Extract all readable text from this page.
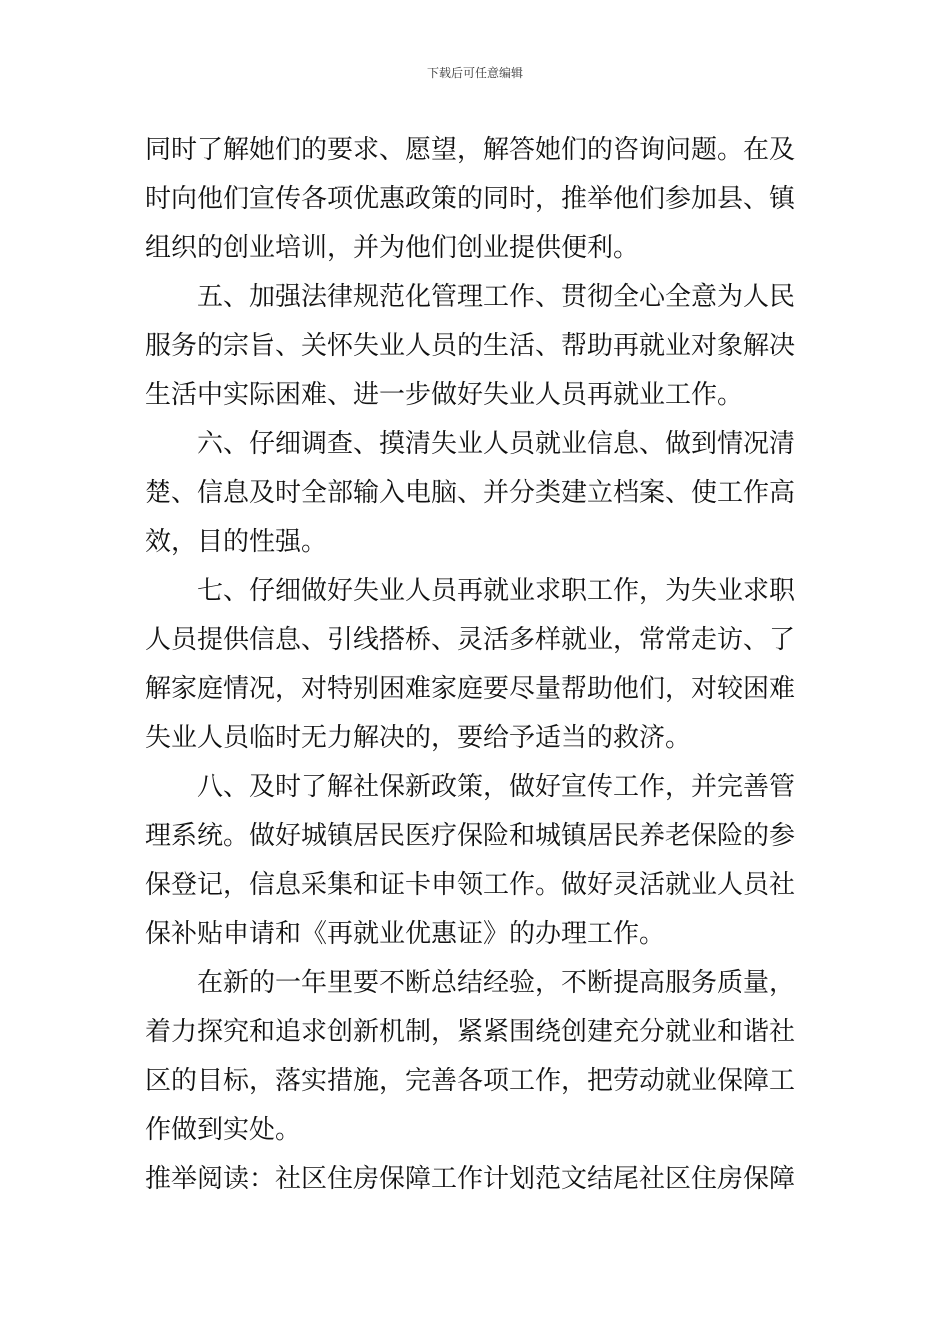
下载后可任意编辑
同时了解她们的要求、愿望，解答她们的咨询问题。在及
时向他们宣传各项优惠政策的同时，推举他们参加县、镇
组织的创业培训，并为他们创业提供便利。
五、加强法律规范化管理工作、贯彻全心全意为人民
服务的宗旨、关怀失业人员的生活、帮助再就业对象解决
生活中实际困难、进一步做好失业人员再就业工作。
六、仔细调查、摸清失业人员就业信息、做到情况清
楚、信息及时全部输入电脑、并分类建立档案、使工作高
效，目的性强。
七、仔细做好失业人员再就业求职工作，为失业求职
人员提供信息、引线搭桥、灵活多样就业，常常走访、了
解家庭情况，对特别困难家庭要尽量帮助他们，对较困难
失业人员临时无力解决的，要给予适当的救济。
八、及时了解社保新政策，做好宣传工作，并完善管
理系统。做好城镇居民医疗保险和城镇居民养老保险的参
保登记，信息采集和证卡申领工作。做好灵活就业人员社
保补贴申请和《再就业优惠证》的办理工作。
在新的一年里要不断总结经验，不断提高服务质量，
着力探究和追求创新机制，紧紧围绕创建充分就业和谐社
区的目标，落实措施，完善各项工作，把劳动就业保障工
作做到实处。
推举阅读：社区住房保障工作计划范文结尾社区住房保障
